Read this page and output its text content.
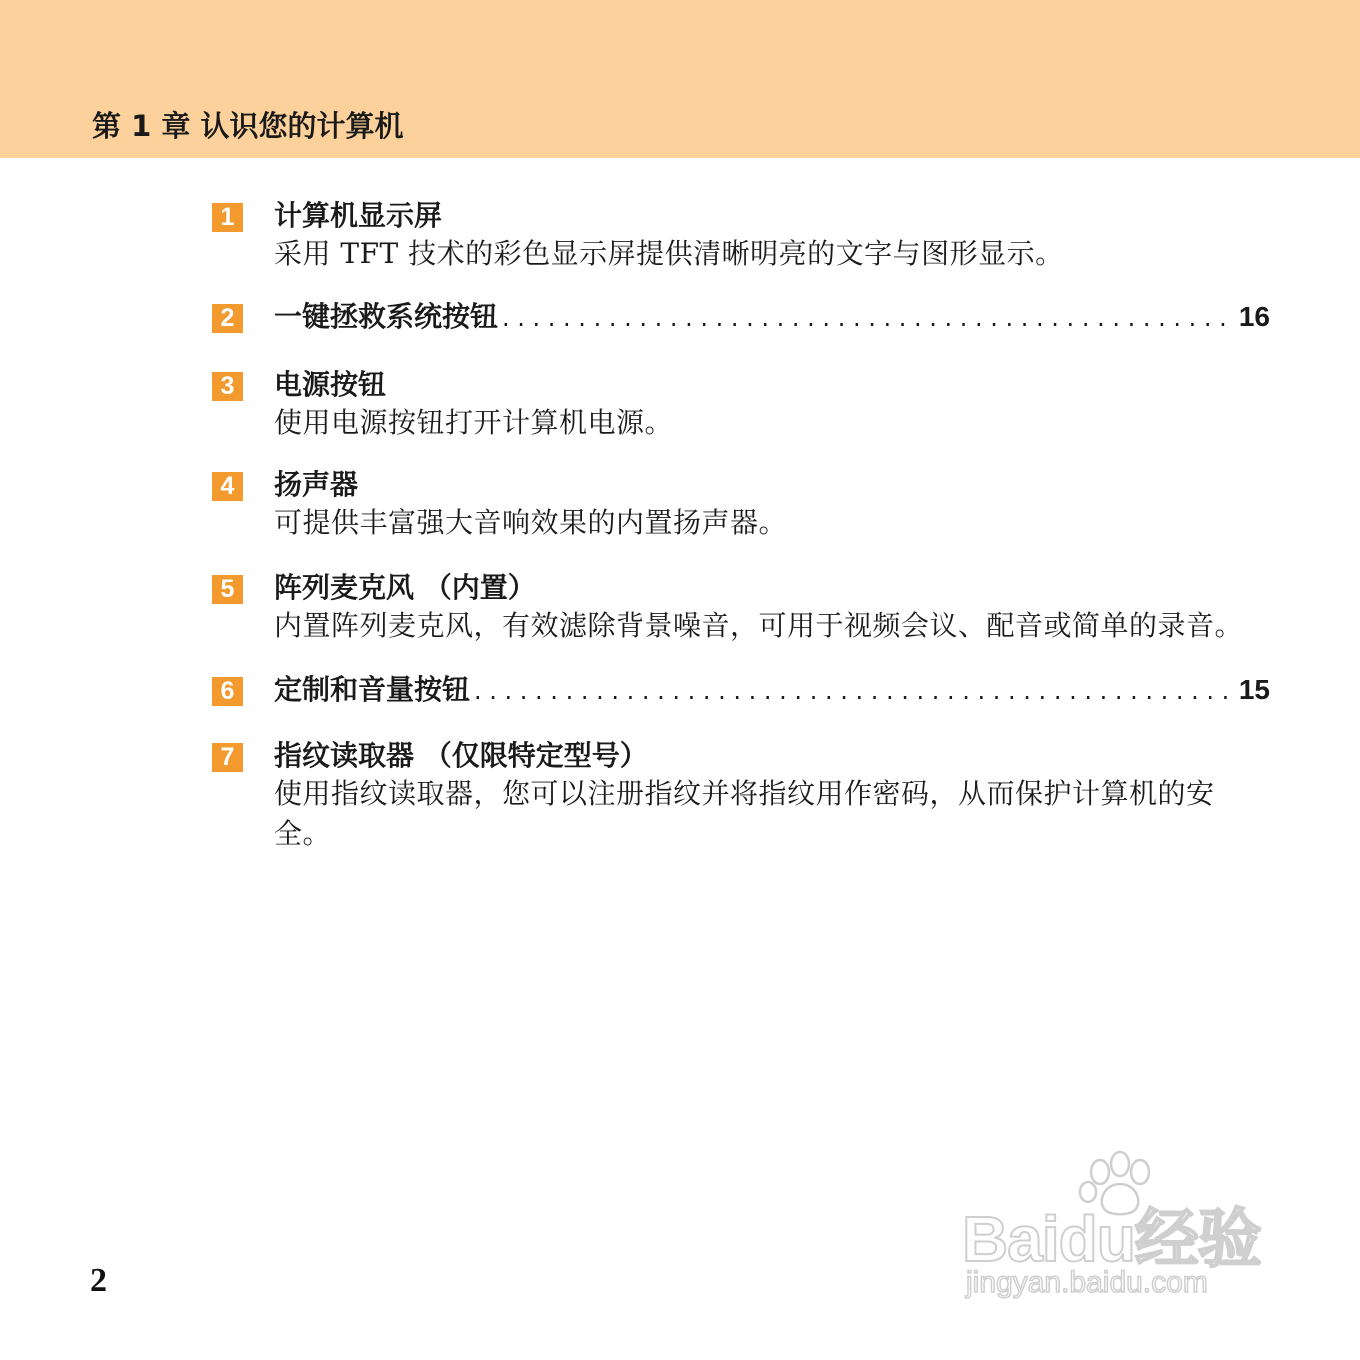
第 1 章 认识您的计算机
1	计算机显示屏
采用 TFT 技术的彩色显示屏提供清晰明亮的文字与图形显示。
2	一键拯救系统按钮 . . .	16
3	电源按钮
使用电源按钮打开计算机电源。
4	扬声器
可提供丰富强大音响效果的内置扬声器。
5	阵列麦克风 （内置）
内置阵列麦克风，有效滤除背景噪音，可用于视频会议、配音或简单的录音。
6	定制和音量按钮 . . .	15
7	指纹读取器 （仅限特定型号）
使用指纹读取器，您可以注册指纹并将指纹用作密码，从而保护计算机的安全。
2
Baidu经验
jingyan.baidu.com
